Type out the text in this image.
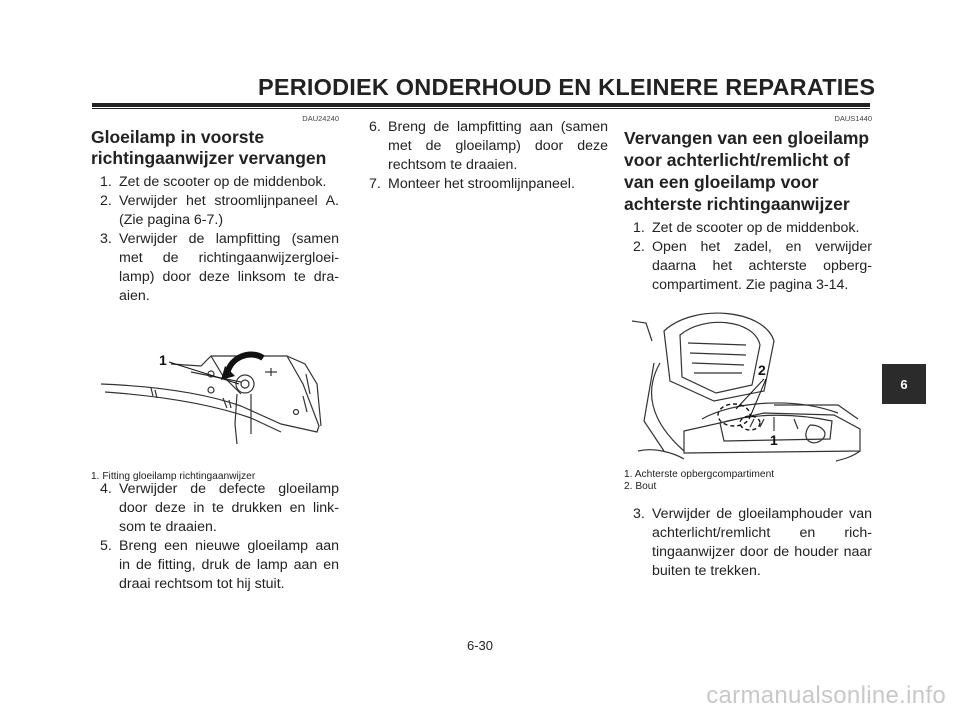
PERIODIEK ONDERHOUD EN KLEINERE REPARATIES
DAU24240
Gloeilamp in voorste richtingaanwijzer vervangen
1. Zet de scooter op de middenbok.
2. Verwijder het stroomlijnpaneel A. (Zie pagina 6-7.)
3. Verwijder de lampfitting (samen met de richtingaanwijzergloei- lamp) door deze linksom te dra- aien.
1
1. Fitting gloeilamp richtingaanwijzer
4. Verwijder de defecte gloeilamp door deze in te drukken en link- som te draaien.
5. Breng een nieuwe gloeilamp aan in de fitting, druk de lamp aan en draai rechtsom tot hij stuit.
6. Breng de lampfitting aan (samen met de gloeilamp) door deze rechtsom te draaien.
7. Monteer het stroomlijnpaneel.
DAUS1440
Vervangen van een gloeilamp voor achterlicht/remlicht of van een gloeilamp voor achterste richtingaanwijzer
1. Zet de scooter op de middenbok.
2. Open het zadel, en verwijder daarna het achterste opberg- compartiment. Zie pagina 3-14.
2
1
1. Achterste opbergcompartiment
2. Bout
3. Verwijder de gloeilamphouder van achterlicht/remlicht en rich- tingaanwijzer door de houder naar buiten te trekken.
6
6-30
carmanualsonline.info
